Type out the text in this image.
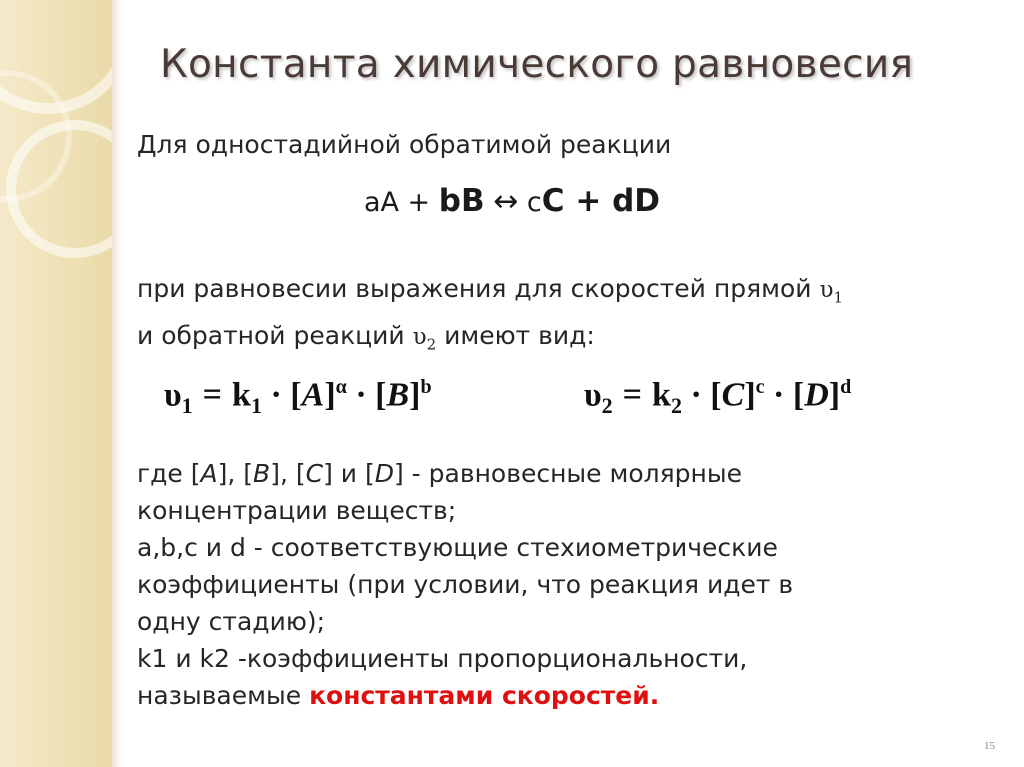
Константа химического равновесия

Для одностадийной обратимой реакции

aA + bB ↔ cC + dD

при равновесии выражения для скоростей прямой $\upsilon_1$
и обратной реакций $\upsilon_2$ имеют вид:

$\upsilon_1 = k_1 \cdot [A]^\alpha \cdot [B]^b$	$\upsilon_2 = k_2 \cdot [C]^c \cdot [D]^d$

где [A], [B], [C] и [D] - равновесные молярные
концентрации веществ;
a,b,c и d - соответствующие стехиометрические
коэффициенты (при условии, что реакция идет в
одну стадию);
k1 и k2 -коэффициенты пропорциональности,
называемые константами скоростей.

15
